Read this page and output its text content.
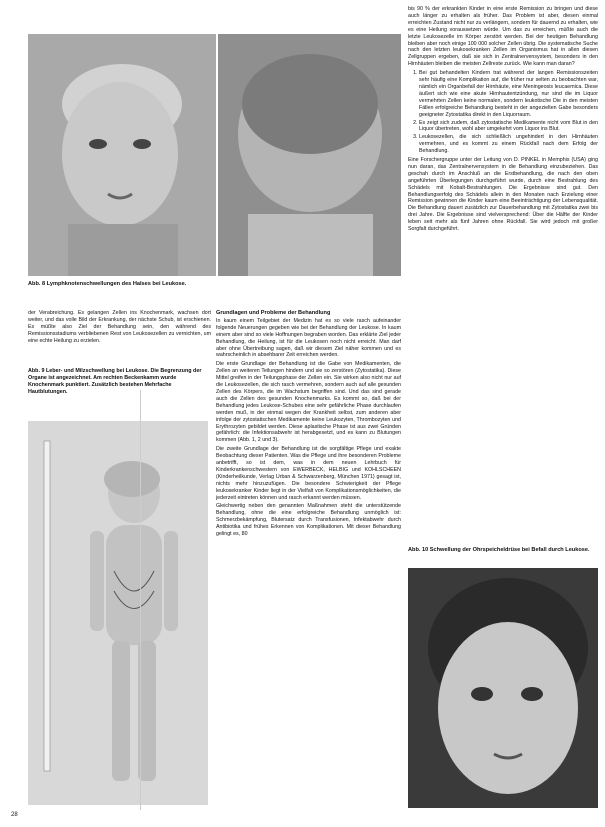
Abb. 8 Lymphknotenschwellungen des Halses bei Leukose.
der Verabreichung. Es gelangen Zellen ins Knochenmark, wachsen dort weiter, und das volle Bild der Erkrankung, der nächste Schub, ist erschienen. Es müßte also Ziel der Behandlung sein, den während des Remissionsstadiums verbliebenen Rest von Leukosezellen zu vernichten, um eine echte Heilung zu erzielen.
Abb. 9 Leber- und Milzschwellung bei Leukose. Die Begrenzung der Organe ist angezeichnet. Am rechten Beckenkamm wurde Knochenmark punktiert. Zusätzlich bestehen Mehrfache Hautblutungen.
Grundlagen und Probleme der Behandlung

In kaum einem Teilgebiet der Medizin hat es so viele rasch aufeinander folgende Neuerungen gegeben wie bei der Behandlung der Leukose. In kaum einem aber sind so viele Hoffnungen begraben worden. Das erklärte Ziel jeder Behandlung, die Heilung, ist für die Leukosen noch nicht erreicht. Man darf aber ohne Übertreibung sagen, daß wir diesem Ziel näher kommen und es wahrscheinlich in absehbarer Zeit erreichen werden.

Die erste Grundlage der Behandlung ist die Gabe von Medikamenten, die Zellen an weiteren Teilungen hindern und sie so zerstören (Zytostatika). Diese Mittel greifen in der Teilungsphase der Zellen ein. Sie wirken also nicht nur auf die Leukosezellen, die sich rasch vermehren, sondern auch auf alle gesunden Zellen des Körpers, die im Wachstum begriffen sind. Und das sind gerade auch die Zellen des gesunden Knochenmarks. Es kommt so, daß bei der Behandlung jedes Leukose-Schubes eine sehr gefährliche Phase durchlaufen werden muß, in der einmal wegen der Krankheit selbst, zum anderen aber infolge der zytostatischen Medikamente keine Leukozyten, Thrombozyten und Erythrozyten gebildet werden. Diese aplastische Phase ist aus zwei Gründen gefährlich: die Infektionsabwehr ist herabgesetzt, und es kann zu Blutungen kommen (Abb. 1, 2 und 3).

Die zweite Grundlage der Behandlung ist die sorgfältige Pflege und exakte Beobachtung dieser Patienten. Was die Pflege und ihre besonderen Probleme anbetrifft, so ist dem, was in dem neuen Lehrbuch für Kinderkrankenschwestern von EWERBECK, HELBIG und KOHLSCHEEN (Kinderheilkunde, Verlag Urban & Schwarzenberg, München 1971) gesagt ist, nichts mehr hinzuzufügen. Die besondere Schwierigkeit der Pflege leukosekranker Kinder liegt in der Vielfalt von Komplikationsmöglichkeiten, die jederzeit eintreten können und rasch erkannt werden müssen.

Gleichwertig neben den genannten Maßnahmen steht die unterstützende Behandlung, ohne die eine erfolgreiche Behandlung unmöglich ist: Schmerzbekämpfung, Blutersatz durch Transfusionen, Infektabwehr durch Antibiotika und frühes Erkennen von Komplikationen. Mit dieser Behandlung gelingt es, 80

bis 90 % der erkrankten Kinder in eine erste Remission zu bringen und diese auch länger zu erhalten als früher. Das Problem ist aber, diesen einmal erreichten Zustand nicht nur zu verlängern, sondern für dauernd zu erhalten, wie es eine Heilung voraussetzen würde. Um das zu erreichen, müßte auch die letzte Leukosezelle im Körper zerstört werden. Bei der heutigen Behandlung bleiben aber noch einige 100 000 solcher Zellen übrig. Die systematische Suche nach den letzten leukosekranken Zellen im Organismus hat in allen diesen Zellgruppen ergeben, daß sie sich in Zentralnervensystem, besonders in den Hirnhäuten bleiben die meisten Zellreste zurück. Wie kann man daran?

1. Bei gut behandelten Kindern trat während der langen Remissionszeiten sehr häufig eine Komplikation auf, die früher nur selten zu beobachten war, nämlich ein Organbefall der Hirnhäute, eine Meningeosis leucaemica. Diese äußert sich wie eine akute Hirnhautentzündung, nur sind die im Liquor vermehrten Zellen keine normalen, sondern leukotische Die in den meisten Fällen erfolgreiche Behandlung besteht in der angezielten Gabe besonders geeigneter Zytostatika direkt in den Liquorraum.
2. Es zeigt sich zudem, daß zytostatische Medikamente nicht vom Blut in den Liquor übertreten, wohl aber umgekehrt vom Liquor ins Blut.
3. Leukosezellen, die sich schließlich ungehindert in den Hirnhäuten vermehren, und es kommt zu einem Rückfall nach dem Erfolg der Behandlung.

Eine Forschergruppe unter der Leitung von D. PINKEL in Memphis (USA) ging nun daran, das Zentralnervensystem in die Behandlung einzubeziehen. Das geschah durch im Anschluß an die Erstbehandlung, die nach den oben angeführten Überlegungen durchgeführt wurde, durch eine Bestrahlung des Schädels mit Kobalt-Bestrahlungen. Die Ergebnisse sind gut. Den Behandlungserfolg des Schädels allein in den Monaten nach Erzielung einer Remission gewinnen die Kinder kaum eine Beeinträchtigung der Lebensqualität. Die Behandlung dauert zusätzlich zur Dauerbehandlung mit Zytostatika zwei bis drei Jahre. Die Ergebnisse sind vielversprechend: Über die Hälfte der Kinder leben seit mehr als fünf Jahren ohne Rückfall. Sie wird jedoch mit großer Sorgfalt durchgeführt.

Abb. 10 Schwellung der Ohrspeicheldrüse bei Befall durch Leukose.
28
